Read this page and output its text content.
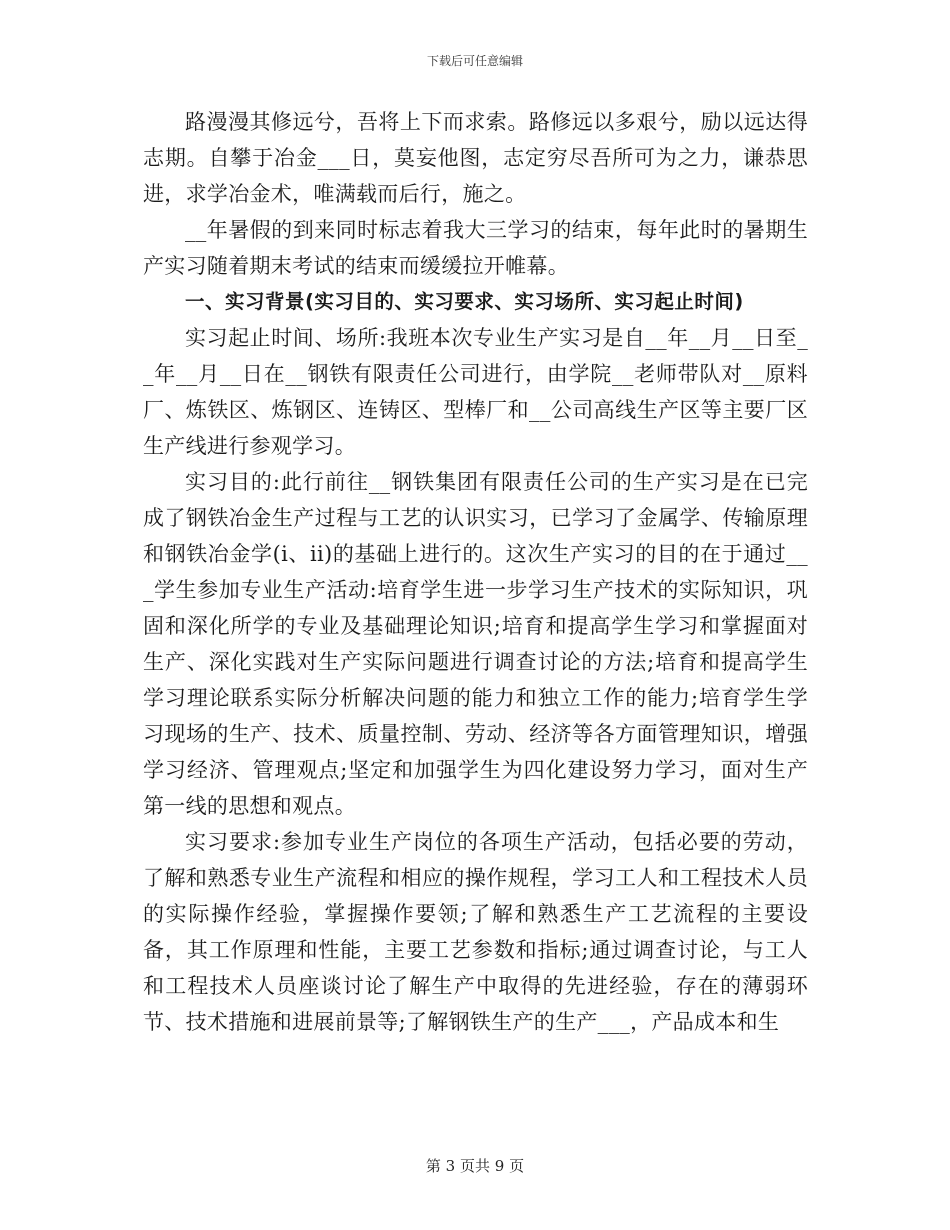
下载后可任意编辑

路漫漫其修远兮，吾将上下而求索。路修远以多艰兮，励以远达得志期。自攀于冶金___日，莫妄他图，志定穷尽吾所可为之力，谦恭思进，求学冶金术，唯满载而后行，施之。

__年暑假的到来同时标志着我大三学习的结束，每年此时的暑期生产实习随着期末考试的结束而缓缓拉开帷幕。

一、实习背景(实习目的、实习要求、实习场所、实习起止时间)

实习起止时间、场所:我班本次专业生产实习是自__年__月__日至__年__月__日在__钢铁有限责任公司进行，由学院__老师带队对__原料厂、炼铁区、炼钢区、连铸区、型棒厂和__公司高线生产区等主要厂区生产线进行参观学习。

实习目的:此行前往__钢铁集团有限责任公司的生产实习是在已完成了钢铁冶金生产过程与工艺的认识实习，已学习了金属学、传输原理和钢铁冶金学(i、ii)的基础上进行的。这次生产实习的目的在于通过___学生参加专业生产活动:培育学生进一步学习生产技术的实际知识，巩固和深化所学的专业及基础理论知识;培育和提高学生学习和掌握面对生产、深化实践对生产实际问题进行调查讨论的方法;培育和提高学生学习理论联系实际分析解决问题的能力和独立工作的能力;培育学生学习现场的生产、技术、质量控制、劳动、经济等各方面管理知识，增强学习经济、管理观点;坚定和加强学生为四化建设努力学习，面对生产第一线的思想和观点。

实习要求:参加专业生产岗位的各项生产活动，包括必要的劳动，了解和熟悉专业生产流程和相应的操作规程，学习工人和工程技术人员的实际操作经验，掌握操作要领;了解和熟悉生产工艺流程的主要设备，其工作原理和性能，主要工艺参数和指标;通过调查讨论，与工人和工程技术人员座谈讨论了解生产中取得的先进经验，存在的薄弱环节、技术措施和进展前景等;了解钢铁生产的生产___，产品成本和生

第 3 页共 9 页
